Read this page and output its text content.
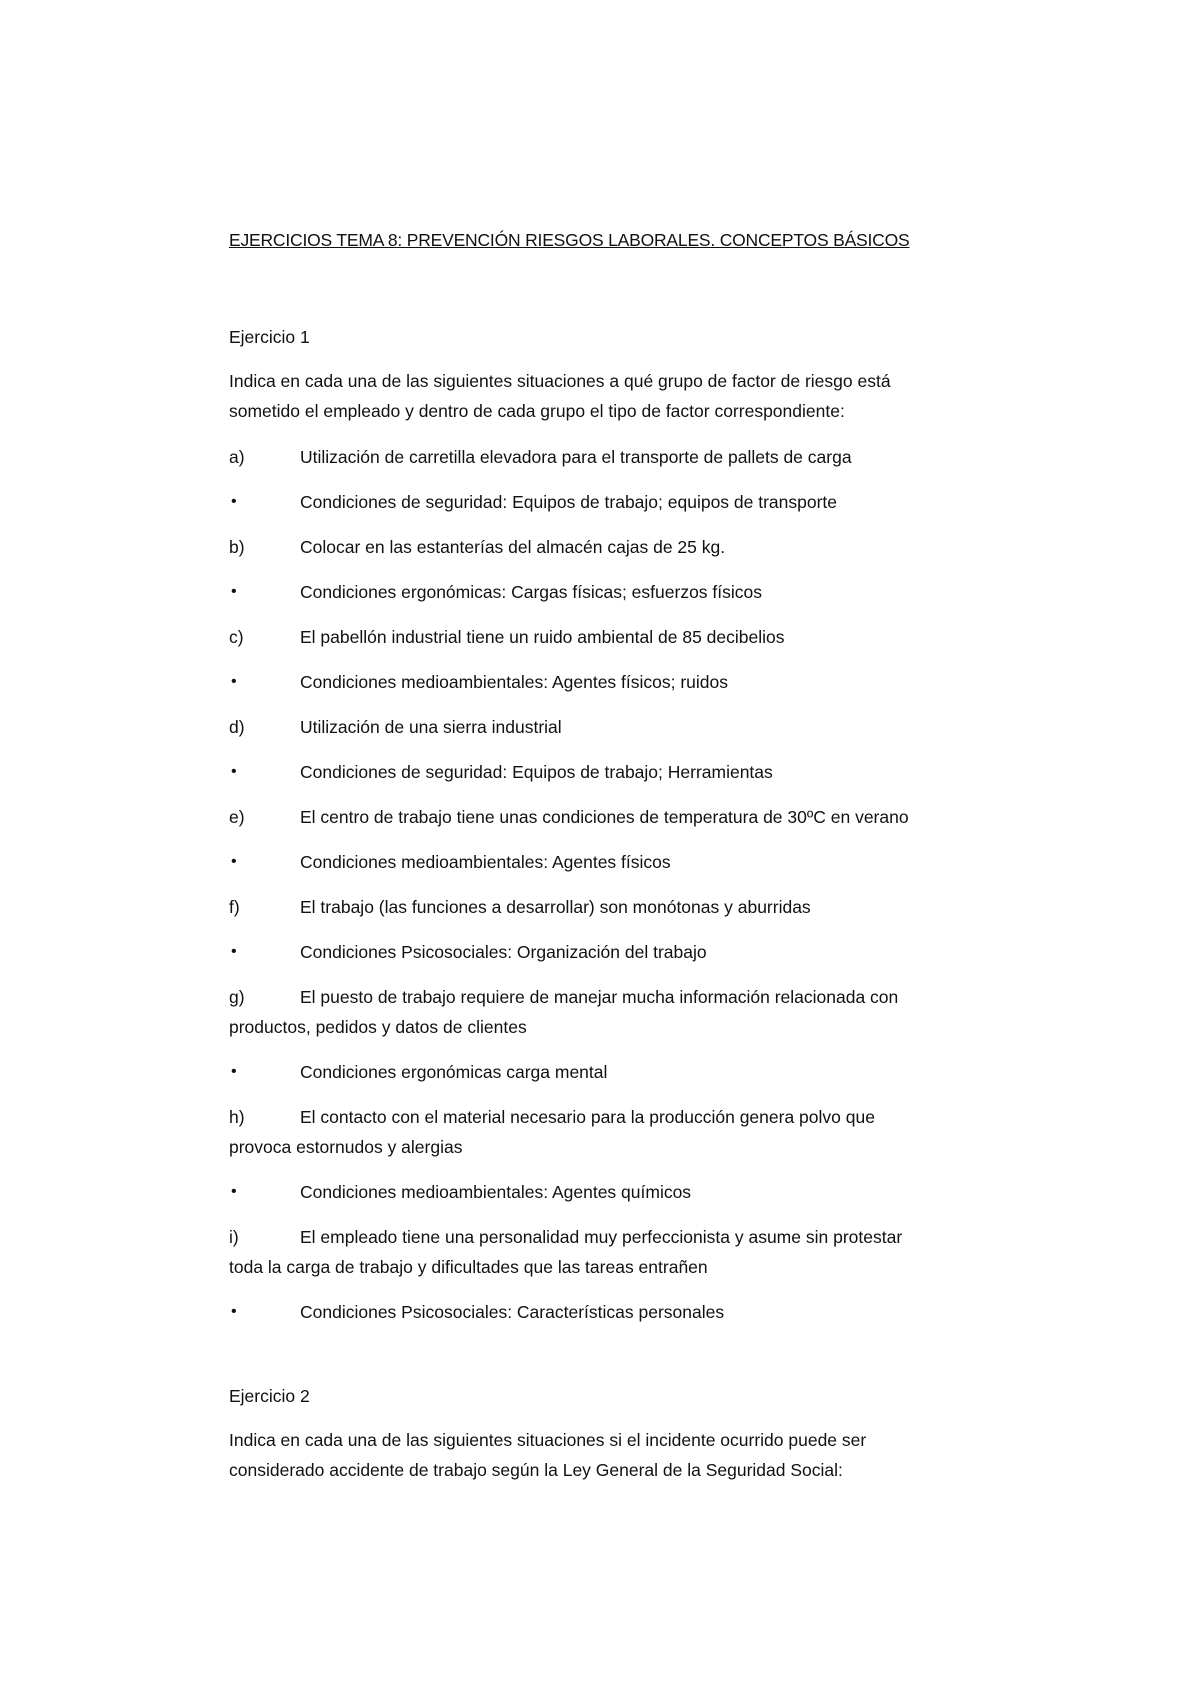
EJERCICIOS TEMA 8: PREVENCIÓN RIESGOS LABORALES. CONCEPTOS BÁSICOS

Ejercicio 1

Indica en cada una de las siguientes situaciones a qué grupo de factor de riesgo está

sometido el empleado y dentro de cada grupo el tipo de factor correspondiente:

a)	Utilización de carretilla elevadora para el transporte de pallets de carga
•	Condiciones de seguridad: Equipos de trabajo; equipos de transporte
b)	Colocar en las estanterías del almacén cajas de 25 kg.
•	Condiciones ergonómicas: Cargas físicas; esfuerzos físicos
c)	El pabellón industrial tiene un ruido ambiental de 85 decibelios
•	Condiciones medioambientales: Agentes físicos; ruidos
d)	Utilización de una sierra industrial
•	Condiciones de seguridad: Equipos de trabajo; Herramientas
e)	El centro de trabajo tiene unas condiciones de temperatura de 30ºC en verano
•	Condiciones medioambientales: Agentes físicos
f)	El trabajo (las funciones a desarrollar) son monótonas y aburridas
•	Condiciones Psicosociales: Organización del trabajo
g)	El puesto de trabajo requiere de manejar mucha información relacionada con

productos, pedidos y datos de clientes

•	Condiciones ergonómicas carga mental
h)	El contacto con el material necesario para la producción genera polvo que

provoca estornudos y alergias

•	Condiciones medioambientales: Agentes químicos
i)	El empleado tiene una personalidad muy perfeccionista y asume sin protestar

toda la carga de trabajo y dificultades que las tareas entrañen

•	Condiciones Psicosociales: Características personales

Ejercicio 2

Indica en cada una de las siguientes situaciones si el incidente ocurrido puede ser

considerado accidente de trabajo según la Ley General de la Seguridad Social:
